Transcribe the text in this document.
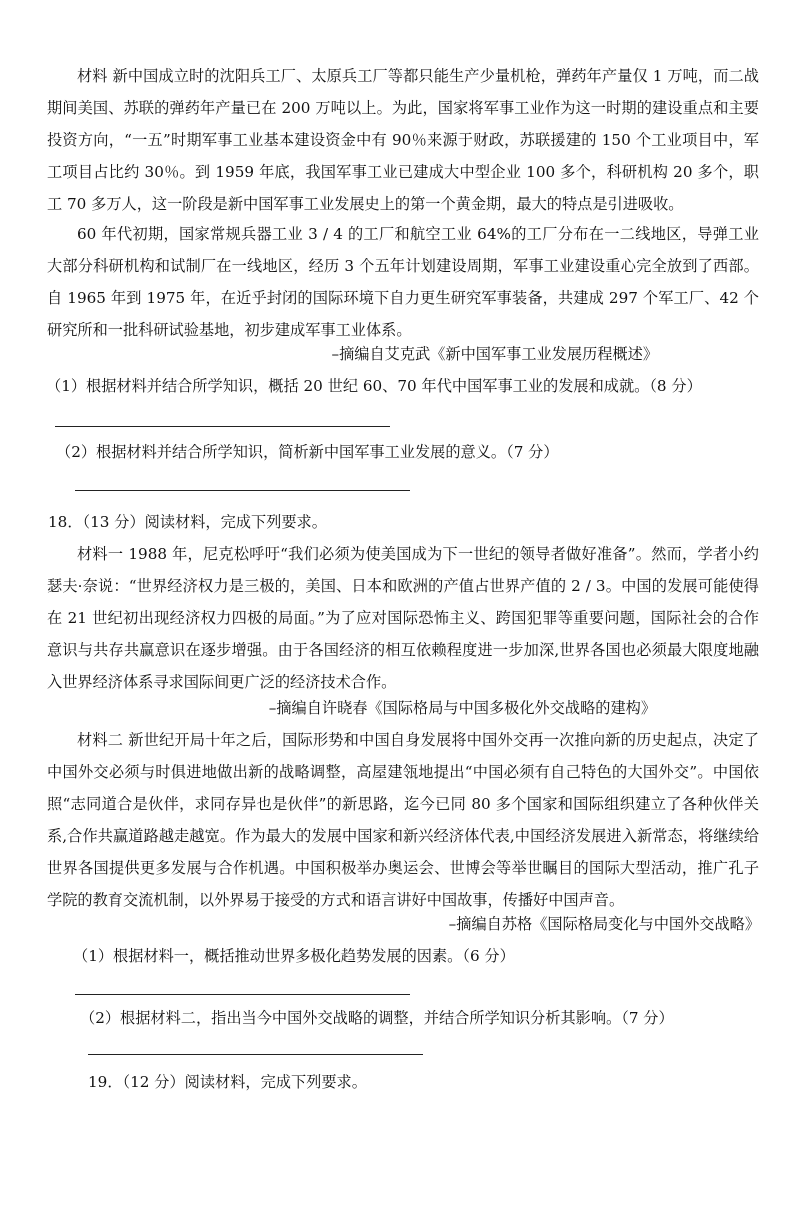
材料 新中国成立时的沈阳兵工厂、太原兵工厂等都只能生产少量机枪，弹药年产量仅 1 万吨，而二战期间美国、苏联的弹药年产量已在 200 万吨以上。为此，国家将军事工业作为这一时期的建设重点和主要投资方向，“一五”时期军事工业基本建设资金中有 90％来源于财政，苏联援建的 150 个工业项目中，军工项目占比约 30％。到 1959 年底，我国军事工业已建成大中型企业 100 多个，科研机构 20 多个，职工 70 多万人，这一阶段是新中国军事工业发展史上的第一个黄金期，最大的特点是引进吸收。
60 年代初期，国家常规兵器工业 3 / 4 的工厂和航空工业 64%的工厂分布在一二线地区，导弹工业大部分科研机构和试制厂在一线地区，经历 3 个五年计划建设周期，军事工业建设重心完全放到了西部。自 1965 年到 1975 年，在近乎封闭的国际环境下自力更生研究军事装备，共建成 297 个军工厂、42 个研究所和一批科研试验基地，初步建成军事工业体系。
–摘编自艾克武《新中国军事工业发展历程概述》
（1）根据材料并结合所学知识，概括 20 世纪 60、70 年代中国军事工业的发展和成就。（8 分）
（2）根据材料并结合所学知识，简析新中国军事工业发展的意义。（7 分）
18．（13 分）阅读材料，完成下列要求。
材料一 1988 年，尼克松呼吁“我们必须为使美国成为下一世纪的领导者做好准备”。然而，学者小约瑟夫·奈说：“世界经济权力是三极的，美国、日本和欧洲的产值占世界产值的 2 / 3。中国的发展可能使得在 21 世纪初出现经济权力四极的局面。”为了应对国际恐怖主义、跨国犯罪等重要问题，国际社会的合作意识与共存共赢意识在逐步增强。由于各国经济的相互依赖程度进一步加深,世界各国也必须最大限度地融入世界经济体系寻求国际间更广泛的经济技术合作。
–摘编自许晓春《国际格局与中国多极化外交战略的建构》
材料二 新世纪开局十年之后，国际形势和中国自身发展将中国外交再一次推向新的历史起点，决定了中国外交必须与时俱进地做出新的战略调整，高屋建瓴地提出“中国必须有自己特色的大国外交”。中国依照“志同道合是伙伴，求同存异也是伙伴”的新思路，迄今已同 80 多个国家和国际组织建立了各种伙伴关系,合作共赢道路越走越宽。作为最大的发展中国家和新兴经济体代表,中国经济发展进入新常态，将继续给世界各国提供更多发展与合作机遇。中国积极举办奥运会、世博会等举世瞩目的国际大型活动，推广孔子学院的教育交流机制，以外界易于接受的方式和语言讲好中国故事，传播好中国声音。
–摘编自苏格《国际格局变化与中国外交战略》
（1）根据材料一，概括推动世界多极化趋势发展的因素。（6 分）
（2）根据材料二，指出当今中国外交战略的调整，并结合所学知识分析其影响。（7 分）
19．（12 分）阅读材料，完成下列要求。
